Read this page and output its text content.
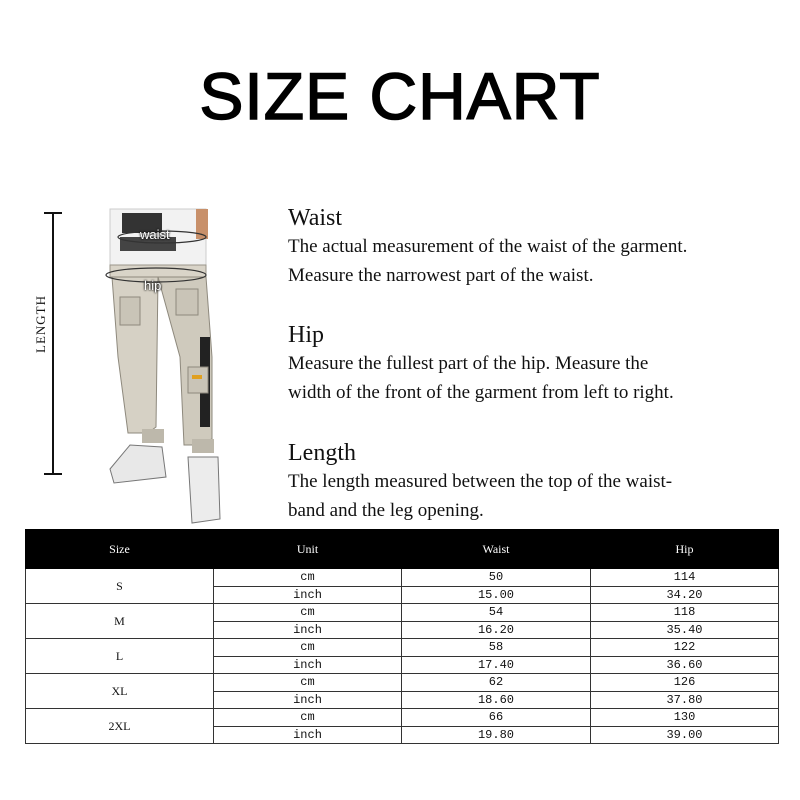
SIZE CHART
LENGTH
waist
hip
Waist

The actual measurement of the waist of the garment.

Measure the narrowest part of the waist.

Hip

Measure the fullest part of the hip. Measure the

width of the front of the garment from left to right.

Length

The length measured between the top of the waist-

band and the leg opening.

Size	Unit	Waist	Hip
S	cm	50	114
	inch	15.00	34.20
M	cm	54	118
	inch	16.20	35.40
L	cm	58	122
	inch	17.40	36.60
XL	cm	62	126
	inch	18.60	37.80
2XL	cm	66	130
	inch	19.80	39.00
